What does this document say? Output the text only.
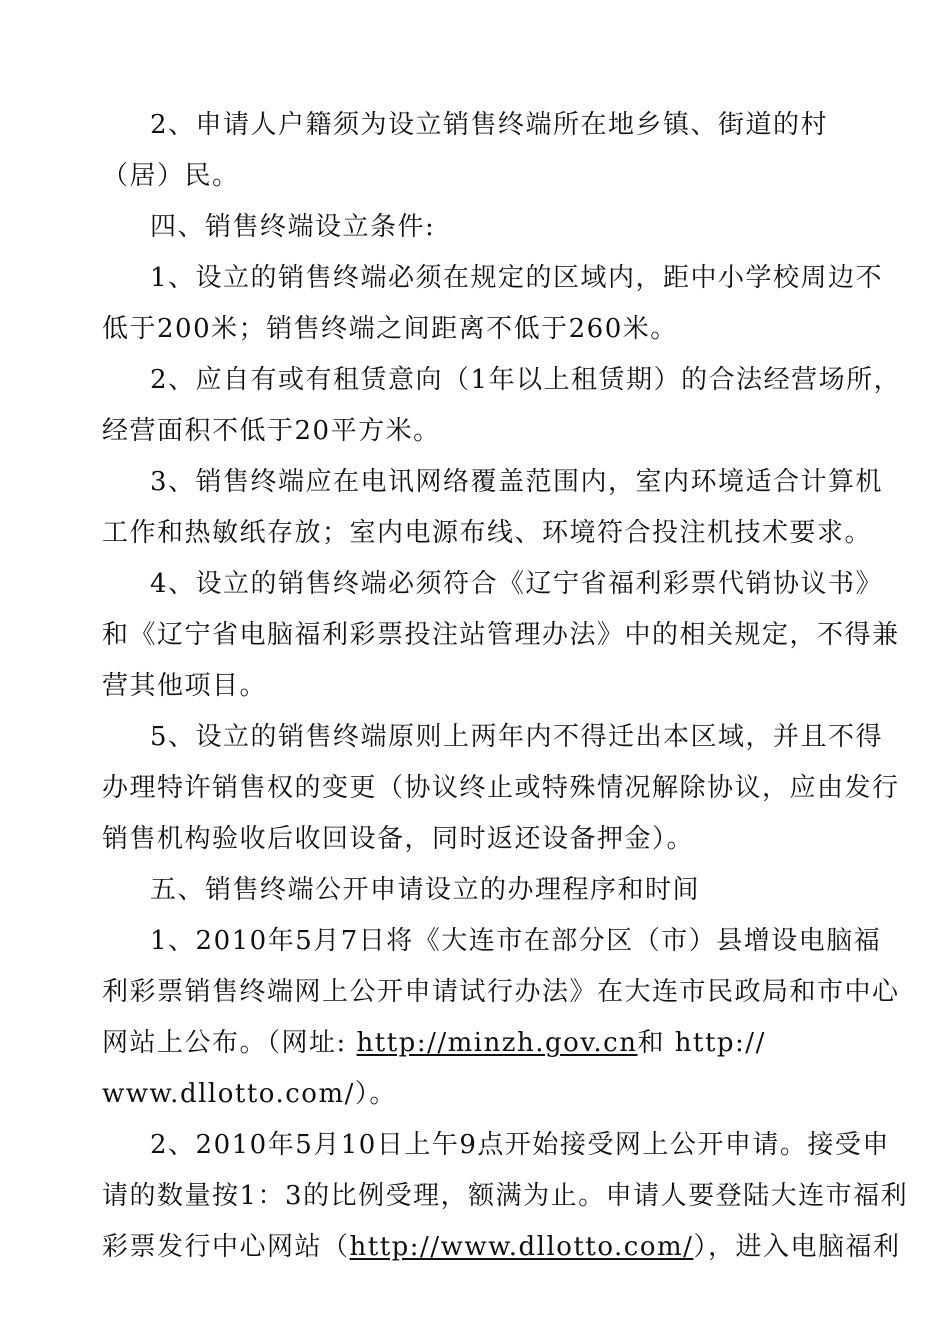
2、申请人户籍须为设立销售终端所在地乡镇、街道的村
（居）民。
四、销售终端设立条件:
1、设立的销售终端必须在规定的区域内，距中小学校周边不
低于200米；销售终端之间距离不低于260米。
2、应自有或有租赁意向（1年以上租赁期）的合法经营场所，
经营面积不低于20平方米。
3、销售终端应在电讯网络覆盖范围内，室内环境适合计算机
工作和热敏纸存放；室内电源布线、环境符合投注机技术要求。
4、设立的销售终端必须符合《辽宁省福利彩票代销协议书》
和《辽宁省电脑福利彩票投注站管理办法》中的相关规定，不得兼
营其他项目。
5、设立的销售终端原则上两年内不得迁出本区域，并且不得
办理特许销售权的变更（协议终止或特殊情况解除协议，应由发行
销售机构验收后收回设备，同时返还设备押金）。
五、销售终端公开申请设立的办理程序和时间
1、2010年5月7日将《大连市在部分区（市）县增设电脑福
利彩票销售终端网上公开申请试行办法》在大连市民政局和市中心
网站上公布。（网址: http://minzh.gov.cn和 http://
www.dllotto.com/）。
2、2010年5月10日上午9点开始接受网上公开申请。接受申
请的数量按1：3的比例受理，额满为止。申请人要登陆大连市福利
彩票发行中心网站（http://www.dllotto.com/），进入电脑福利
